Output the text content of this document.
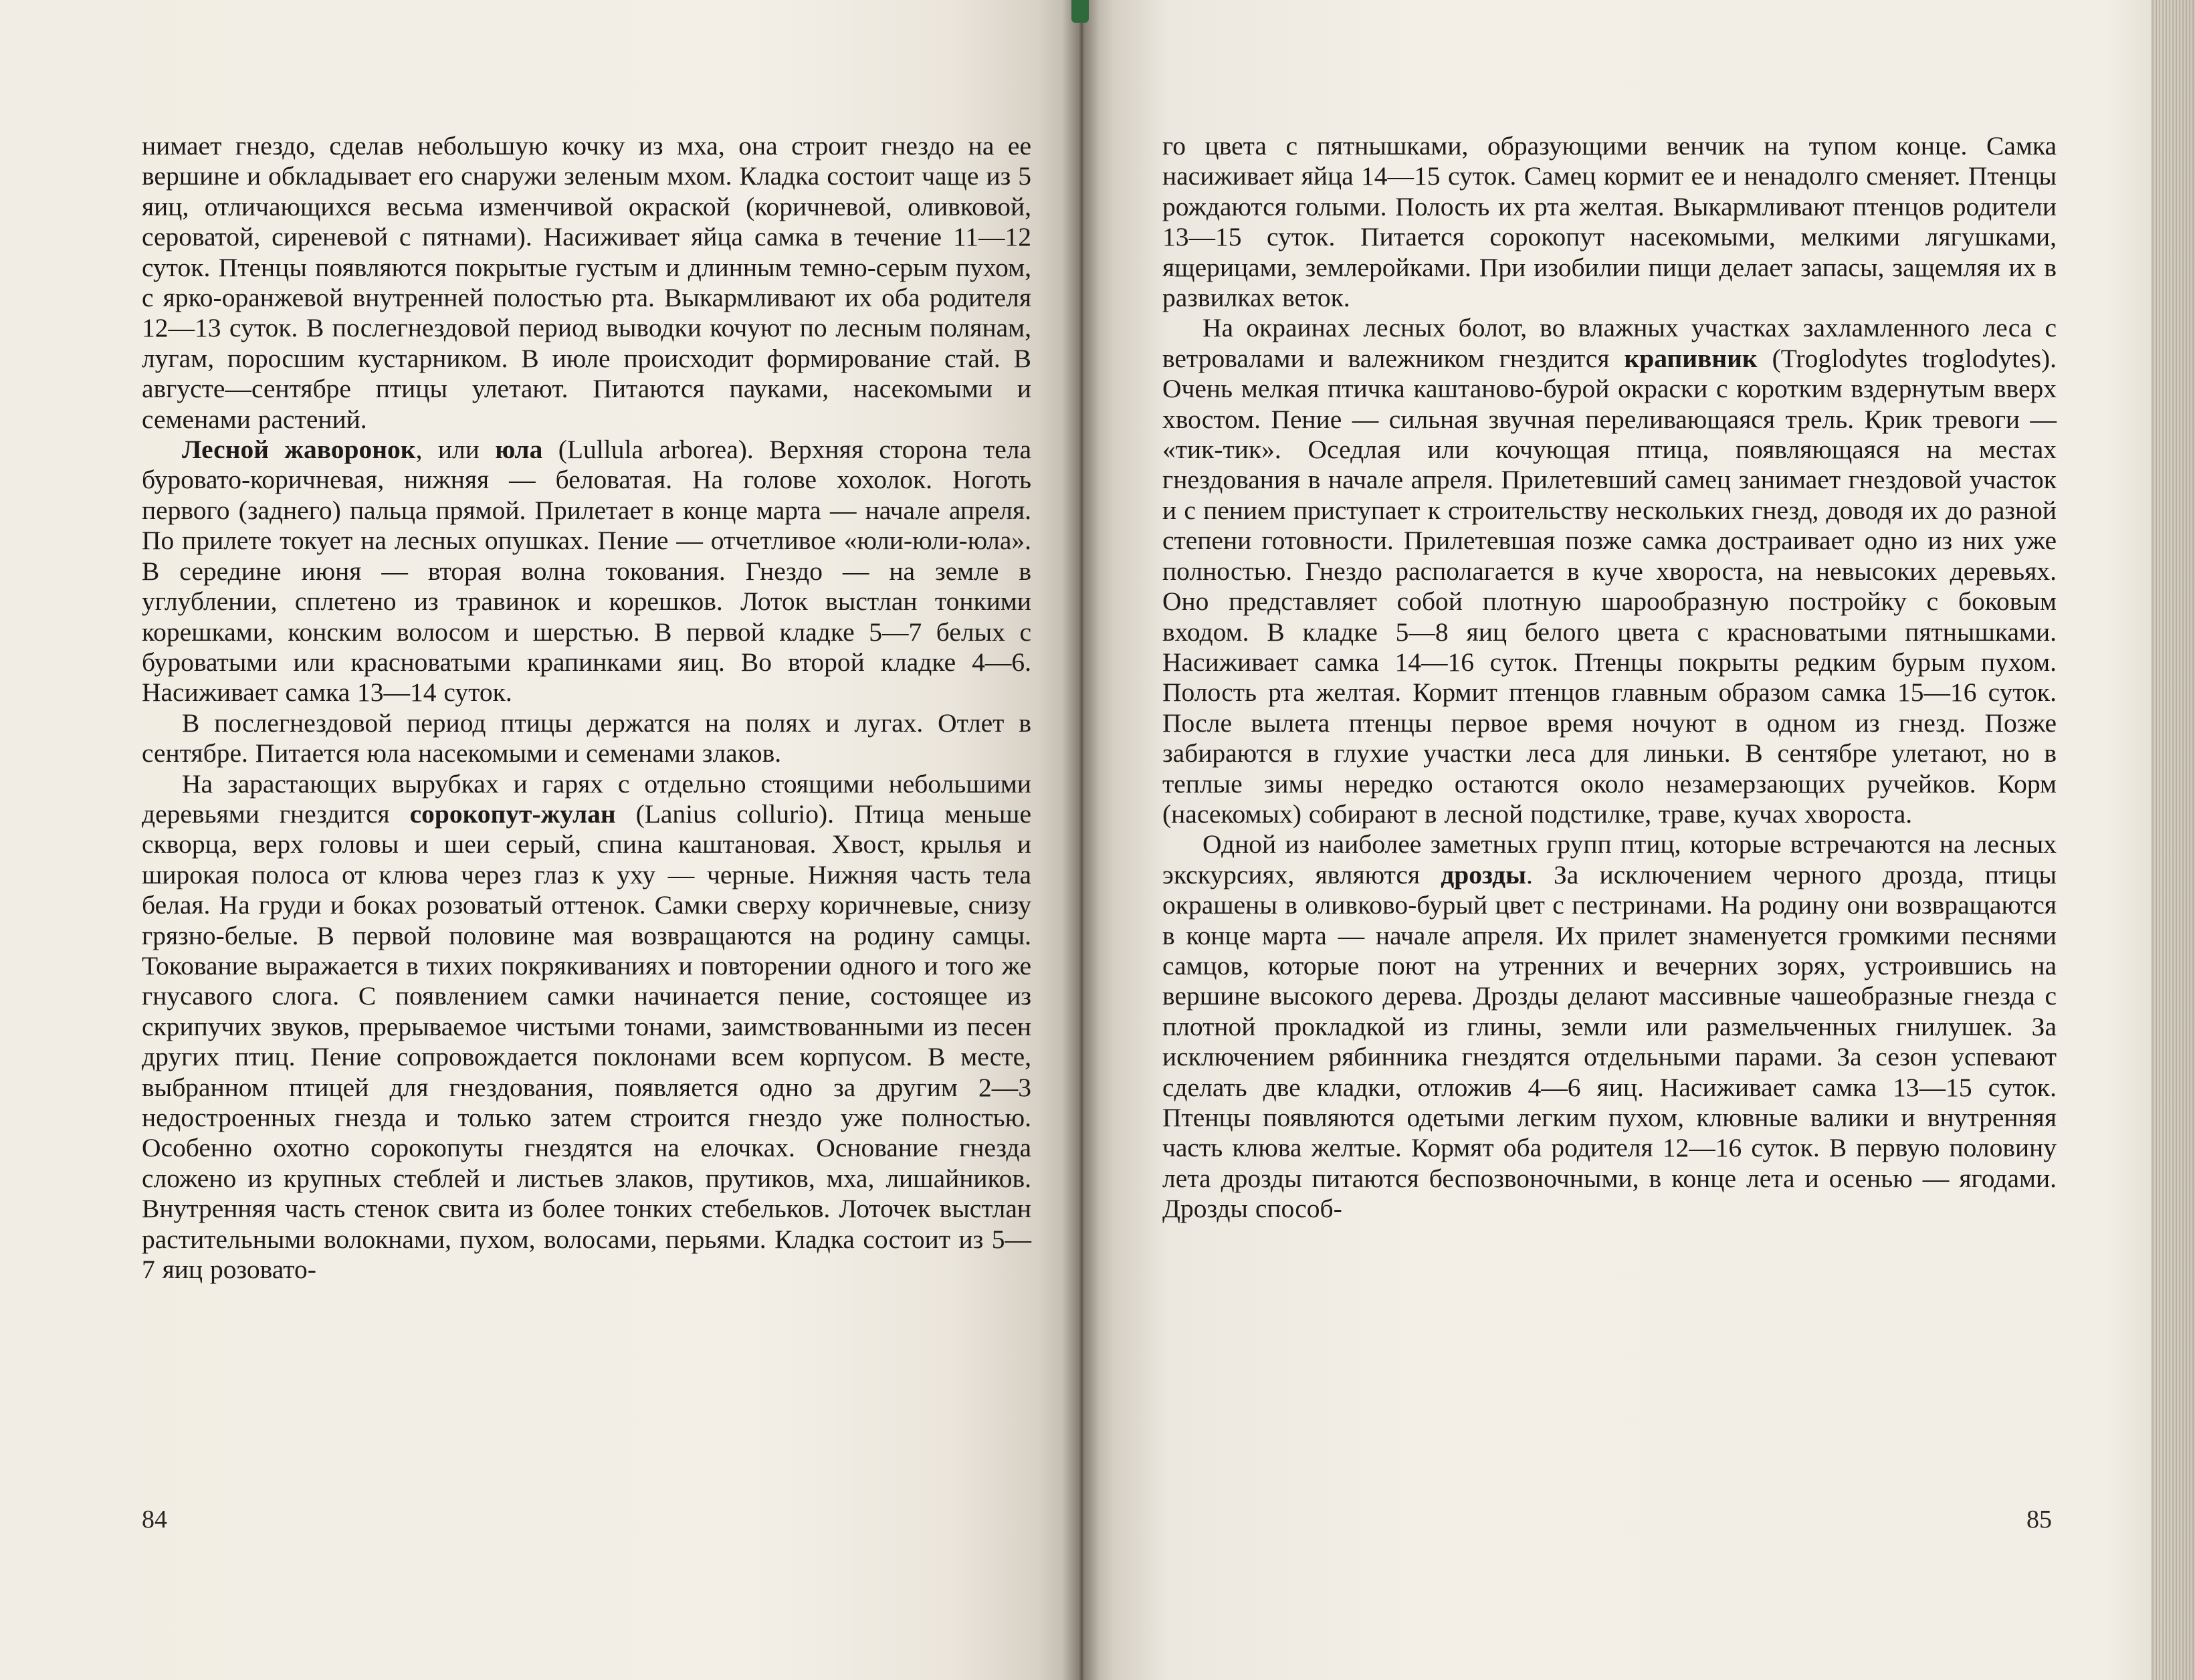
нимает гнездо, сделав небольшую кочку из мха, она строит гнездо на ее вершине и обкладывает его снаружи зеленым мхом. Кладка состоит чаще из 5 яиц, отличающихся весьма изменчивой окраской (коричневой, оливковой, сероватой, сиреневой с пятнами). Насиживает яйца самка в течение 11—12 суток. Птенцы появляются покрытые густым и длинным темно-серым пухом, с ярко-оранжевой внутренней полостью рта. Выкармливают их оба родителя 12—13 суток. В послегнездовой период выводки кочуют по лесным полянам, лугам, поросшим кустарником. В июле происходит формирование стай. В августе—сентябре птицы улетают. Питаются пауками, насекомыми и семенами растений.

Лесной жаворонок, или юла (Lullula arborea). Верхняя сторона тела буровато-коричневая, нижняя — беловатая. На голове хохолок. Ноготь первого (заднего) пальца прямой. Прилетает в конце марта — начале апреля. По прилете токует на лесных опушках. Пение — отчетливое «юли-юли-юла». В середине июня — вторая волна токования. Гнездо — на земле в углублении, сплетено из травинок и корешков. Лоток выстлан тонкими корешками, конским волосом и шерстью. В первой кладке 5—7 белых с буроватыми или красноватыми крапинками яиц. Во второй кладке 4—6. Насиживает самка 13—14 суток.

В послегнездовой период птицы держатся на полях и лугах. Отлет в сентябре. Питается юла насекомыми и семенами злаков.

На зарастающих вырубках и гарях с отдельно стоящими небольшими деревьями гнездится сорокопут-жулан (Lanius collurio). Птица меньше скворца, верх головы и шеи серый, спина каштановая. Хвост, крылья и широкая полоса от клюва через глаз к уху — черные. Нижняя часть тела белая. На груди и боках розоватый оттенок. Самки сверху коричневые, снизу грязно-белые. В первой половине мая возвращаются на родину самцы. Токование выражается в тихих покрякиваниях и повторении одного и того же гнусавого слога. С появлением самки начинается пение, состоящее из скрипучих звуков, прерываемое чистыми тонами, заимствованными из песен других птиц. Пение сопровождается поклонами всем корпусом. В месте, выбранном птицей для гнездования, появляется одно за другим 2—3 недостроенных гнезда и только затем строится гнездо уже полностью. Особенно охотно сорокопуты гнездятся на елочках. Основание гнезда сложено из крупных стеблей и листьев злаков, прутиков, мха, лишайников. Внутренняя часть стенок свита из более тонких стебельков. Лоточек выстлан растительными волокнами, пухом, волосами, перьями. Кладка состоит из 5—7 яиц розовато-

84

го цвета с пятнышками, образующими венчик на тупом конце. Самка насиживает яйца 14—15 суток. Самец кормит ее и ненадолго сменяет. Птенцы рождаются голыми. Полость их рта желтая. Выкармливают птенцов родители 13—15 суток. Питается сорокопут насекомыми, мелкими лягушками, ящерицами, землеройками. При изобилии пищи делает запасы, защемляя их в развилках веток.

На окраинах лесных болот, во влажных участках захламленного леса с ветровалами и валежником гнездится крапивник (Troglodytes troglodytes). Очень мелкая птичка каштаново-бурой окраски с коротким вздернутым вверх хвостом. Пение — сильная звучная переливающаяся трель. Крик тревоги — «тик-тик». Оседлая или кочующая птица, появляющаяся на местах гнездования в начале апреля. Прилетевший самец занимает гнездовой участок и с пением приступает к строительству нескольких гнезд, доводя их до разной степени готовности. Прилетевшая позже самка достраивает одно из них уже полностью. Гнездо располагается в куче хвороста, на невысоких деревьях. Оно представляет собой плотную шарообразную постройку с боковым входом. В кладке 5—8 яиц белого цвета с красноватыми пятнышками. Насиживает самка 14—16 суток. Птенцы покрыты редким бурым пухом. Полость рта желтая. Кормит птенцов главным образом самка 15—16 суток. После вылета птенцы первое время ночуют в одном из гнезд. Позже забираются в глухие участки леса для линьки. В сентябре улетают, но в теплые зимы нередко остаются около незамерзающих ручейков. Корм (насекомых) собирают в лесной подстилке, траве, кучах хвороста.

Одной из наиболее заметных групп птиц, которые встречаются на лесных экскурсиях, являются дрозды. За исключением черного дрозда, птицы окрашены в оливково-бурый цвет с пестринами. На родину они возвращаются в конце марта — начале апреля. Их прилет знаменуется громкими песнями самцов, которые поют на утренних и вечерних зорях, устроившись на вершине высокого дерева. Дрозды делают массивные чашеобразные гнезда с плотной прокладкой из глины, земли или размельченных гнилушек. За исключением рябинника гнездятся отдельными парами. За сезон успевают сделать две кладки, отложив 4—6 яиц. Насиживает самка 13—15 суток. Птенцы появляются одетыми легким пухом, клювные валики и внутренняя часть клюва желтые. Кормят оба родителя 12—16 суток. В первую половину лета дрозды питаются беспозвоночными, в конце лета и осенью — ягодами. Дрозды способ-

85
